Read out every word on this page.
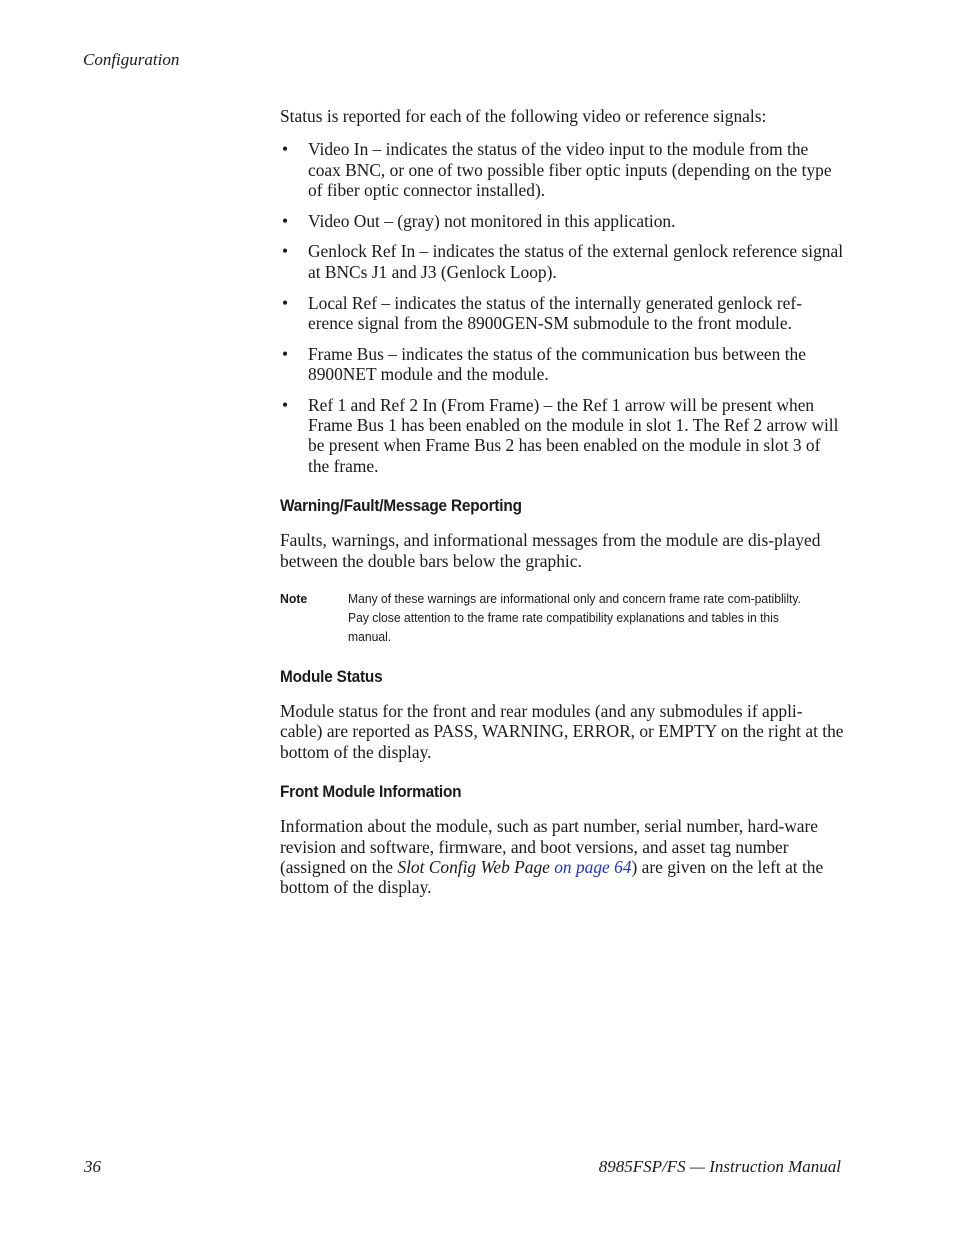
Configuration

Status is reported for each of the following video or reference signals:

• Video In – indicates the status of the video input to the module from the coax BNC, or one of two possible fiber optic inputs (depending on the type of fiber optic connector installed).
• Video Out – (gray) not monitored in this application.
• Genlock Ref In – indicates the status of the external genlock reference signal at BNCs J1 and J3 (Genlock Loop).
• Local Ref – indicates the status of the internally generated genlock ref-erence signal from the 8900GEN-SM submodule to the front module.
• Frame Bus – indicates the status of the communication bus between the 8900NET module and the module.
• Ref 1 and Ref 2 In (From Frame) – the Ref 1 arrow will be present when Frame Bus 1 has been enabled on the module in slot 1. The Ref 2 arrow will be present when Frame Bus 2 has been enabled on the module in slot 3 of the frame.
Warning/Fault/Message Reporting

Faults, warnings, and informational messages from the module are dis-played between the double bars below the graphic.

Note	Many of these warnings are informational only and concern frame rate com-patiblilty. Pay close attention to the frame rate compatibility explanations and tables in this manual.
Module Status

Module status for the front and rear modules (and any submodules if appli-cable) are reported as PASS, WARNING, ERROR, or EMPTY on the right at the bottom of the display.

Front Module Information

Information about the module, such as part number, serial number, hard-ware revision and software, firmware, and boot versions, and asset tag number (assigned on the Slot Config Web Page on page 64) are given on the left at the bottom of the display.

36	8985FSP/FS — Instruction Manual
